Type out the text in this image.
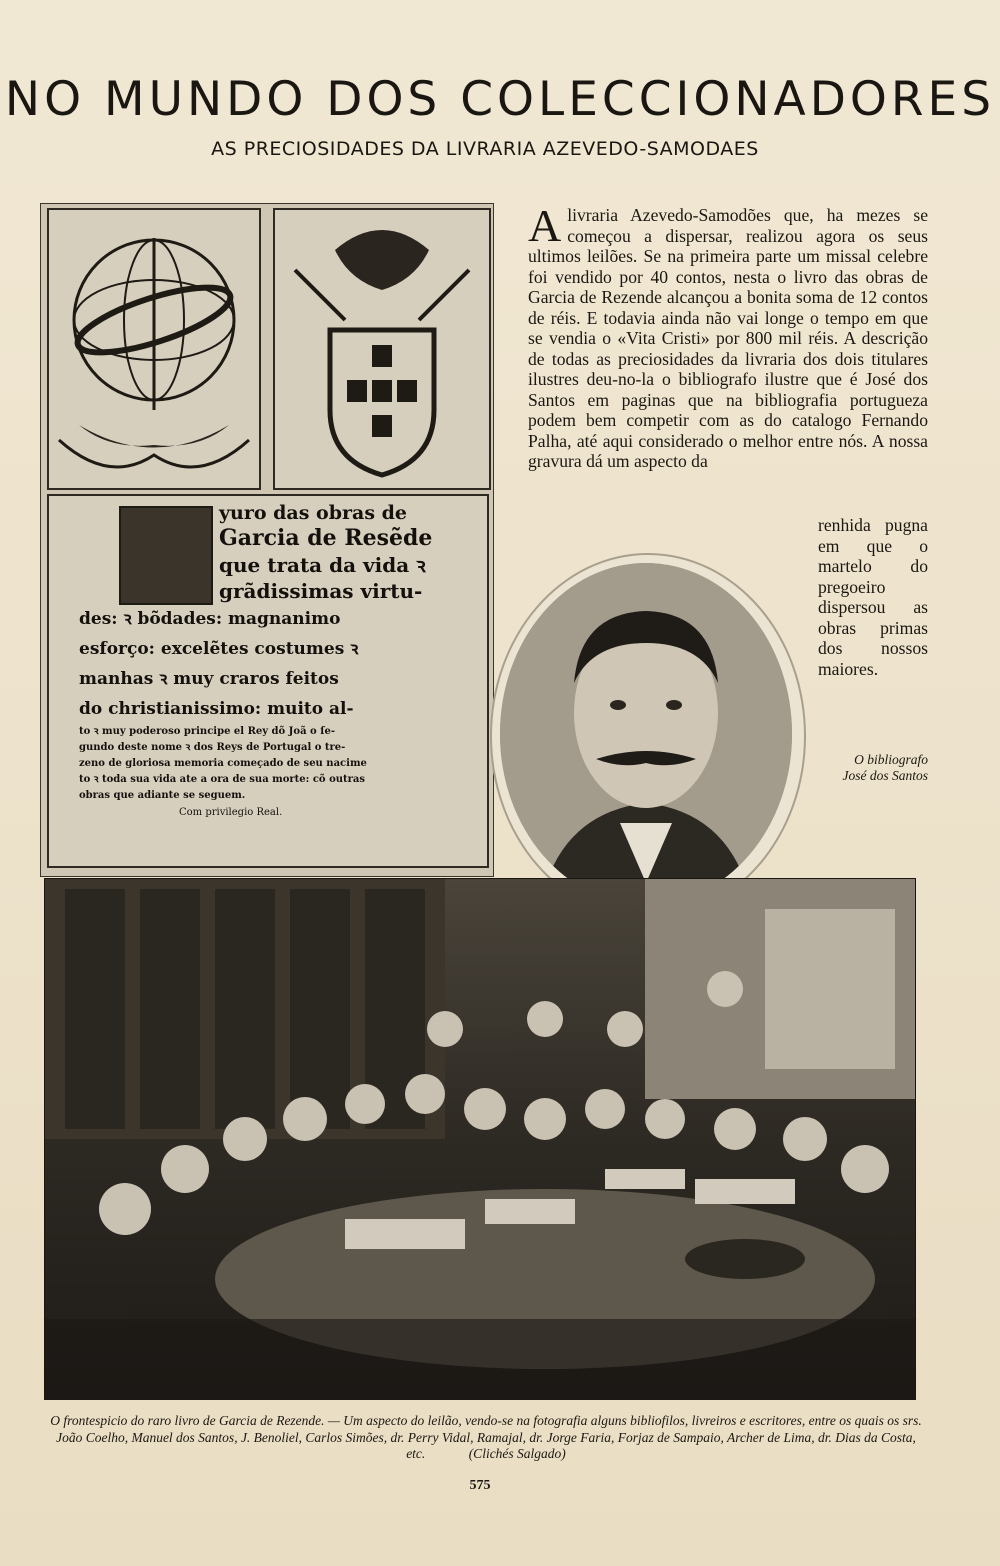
NO MUNDO DOS COLECCIONADORES
AS PRECIOSIDADES DA LIVRARIA AZEVEDO-SAMODAES
yuro das obras de
Garcia de Resẽde
que trata da vida ꝛ
grãdissimas virtu-
des: ꝛ bõdades: magnanimo
esforço: excelẽtes costumes ꝛ
manhas ꝛ muy craros feitos
do christianissimo: muito al-
to ꝛ muy poderoso principe el Rey dõ Joã o ſe-
gundo deste nome ꝛ dos Reys de Portugal o tre-
zeno de gloriosa memoria começado de seu nacime
to ꝛ toda sua vida ate a ora de sua morte: cõ outras
obras que adiante se seguem.
Com privilegio Real.
Alivraria Azevedo-Samodões que, ha mezes se começou a dispersar, realizou agora os seus ultimos leilões. Se na primeira parte um missal celebre foi vendido por 40 contos, nesta o livro das obras de Garcia de Rezende alcançou a bonita soma de 12 contos de réis. E todavia ainda não vai longe o tempo em que se vendia o «Vita Cristi» por 800 mil réis. A descrição de todas as preciosidades da livraria dos dois titulares ilustres deu-no-la o bibliografo ilustre que é José dos Santos em paginas que na bibliografia portugueza podem bem competir com as do catalogo Fernando Palha, até aqui considerado o melhor entre nós. A nossa gravura dá um aspecto da
renhida pugna em que o martelo do pregoeiro dispersou as obras primas dos nossos maiores.
O bibliografo
José dos Santos
O frontespicio do raro livro de Garcia de Rezende. — Um aspecto do leilão, vendo-se na fotografia alguns bibliofilos, livreiros e escritores, entre os quais os srs. João Coelho, Manuel dos Santos, J. Benoliel, Carlos Simões, dr. Perry Vidal, Ramajal, dr. Jorge Faria, Forjaz de Sampaio, Archer de Lima, dr. Dias da Costa, etc.	(Clichés Salgado)
575
